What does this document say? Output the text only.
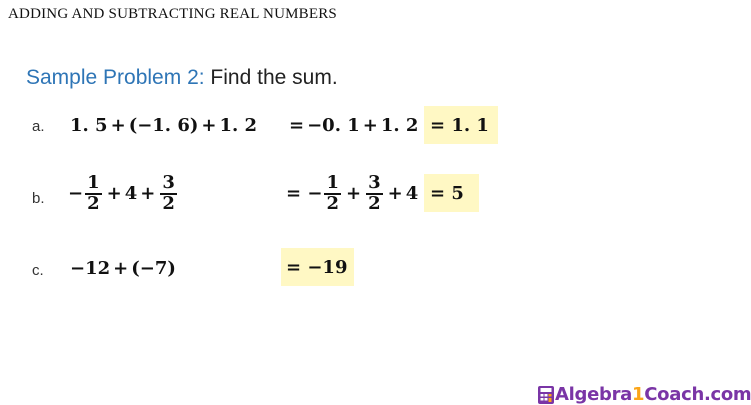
ADDING AND SUBTRACTING REAL NUMBERS
Sample Problem 2: Find the sum.
a. 1. 5 + (−1. 6) + 1. 2 = −0. 1 + 1. 2 = 1. 1
b. − $\frac{1}{2} + 4 + \frac{3}{2}$	= − $\frac{1}{2} + \frac{3}{2} + 4 = 5$
c. −12 + (−7)	= −19
Algebra1Coach.com
